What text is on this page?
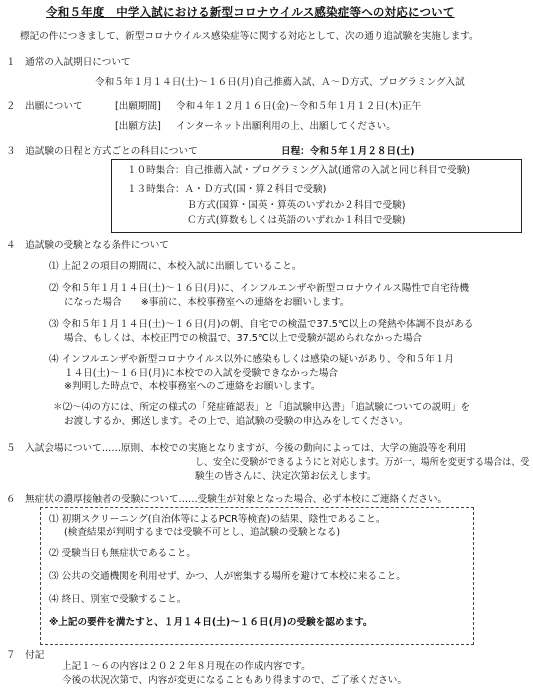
令和５年度　中学入試における新型コロナウイルス感染症等への対応について
標記の件につきまして、新型コロナウイルス感染症等に関する対応として、次の通り追試験を実施します。
１　通常の入試期日について
令和５年１月１４日(土)～１６日(月)自己推薦入試、Ａ～Ｄ方式、プログラミング入試
２　出願について	[出願期間] 令和４年１２月１６日(金)～令和５年１月１２日(木)正午
[出願方法] インターネット出願利用の上、出願してください。
３　追試験の日程と方式ごとの科目について	日程：令和５年１月２８日(土)
１０時集合：自己推薦入試・プログラミング入試(通常の入試と同じ科目で受験)
１３時集合：Ａ・Ｄ方式(国・算２科目で受験)
Ｂ方式(国算・国英・算英のいずれか２科目で受験)
Ｃ方式(算数もしくは英語のいずれか１科目で受験)
４　追試験の受験となる条件について
⑴ 上記２の項目の期間に、本校入試に出願していること。
⑵ 令和５年１月１４日(土)～１６日(月)に、インフルエンザや新型コロナウイルス陽性で自宅待機
になった場合　　※事前に、本校事務室への連絡をお願いします。
⑶ 令和５年１月１４日(土)～１６日(月)の朝、自宅での検温で37.5℃以上の発熱や体調不良がある
場合、もしくは、本校正門での検温で、37.5℃以上で受験が認められなかった場合
⑷ インフルエンザや新型コロナウイルス以外に感染もしくは感染の疑いがあり、令和５年１月
１４日(土)～１６日(月)に本校での入試を受験できなかった場合
※判明した時点で、本校事務室へのご連絡をお願いします。
＊⑵～⑷の方には、所定の様式の「発症確認表」と「追試験申込書」「追試験についての説明」を
お渡しするか、郵送します。その上で、追試験の受験の申込みをしてください。
５　入試会場について……原則、本校での実施となりますが、今後の動向によっては、大学の施設等を利用
し、安全に受験ができるようにと対応します。万が一、場所を変更する場合は、受
験生の皆さんに、決定次第お伝えします。
６　無症状の濃厚接触者の受験について……受験生が対象となった場合、必ず本校にご連絡ください。
⑴ 初期スクリーニング(自治体等によるPCR等検査)の結果、陰性であること。
(検査結果が判明するまでは受験不可とし、追試験の受験となる)
⑵ 受験当日も無症状であること。
⑶ 公共の交通機関を利用せず、かつ、人が密集する場所を避けて本校に来ること。
⑷ 終日、別室で受験すること。
※上記の要件を満たすと、１月１４日(土)～１６日(月)の受験を認めます。
７　付記
上記１～６の内容は２０２２年８月現在の作成内容です。
今後の状況次第で、内容が変更になることもあり得ますので、ご了承ください。
